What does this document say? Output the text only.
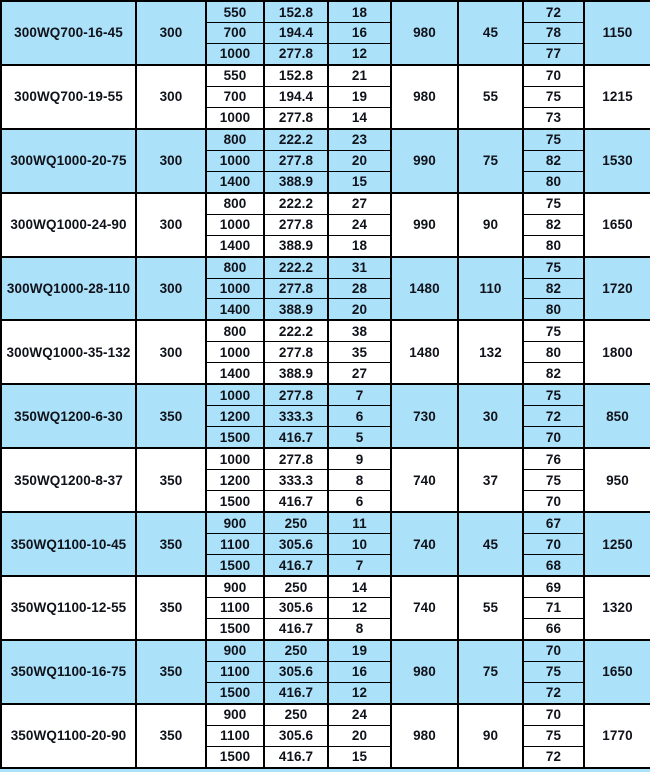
300WQ700-16-45	300	550	152.8	18	980	45	72	1150
		700	194.4	16			78	
		1000	277.8	12			77	
300WQ700-19-55	300	550	152.8	21	980	55	70	1215
		700	194.4	19			75	
		1000	277.8	14			73	
300WQ1000-20-75	300	800	222.2	23	990	75	75	1530
		1000	277.8	20			82	
		1400	388.9	15			80	
300WQ1000-24-90	300	800	222.2	27	990	90	75	1650
		1000	277.8	24			82	
		1400	388.9	18			80	
300WQ1000-28-110	300	800	222.2	31	1480	110	75	1720
		1000	277.8	28			82	
		1400	388.9	20			80	
300WQ1000-35-132	300	800	222.2	38	1480	132	75	1800
		1000	277.8	35			80	
		1400	388.9	27			82	
350WQ1200-6-30	350	1000	277.8	7	730	30	75	850
		1200	333.3	6			72	
		1500	416.7	5			70	
350WQ1200-8-37	350	1000	277.8	9	740	37	76	950
		1200	333.3	8			75	
		1500	416.7	6			70	
350WQ1100-10-45	350	900	250	11	740	45	67	1250
		1100	305.6	10			70	
		1500	416.7	7			68	
350WQ1100-12-55	350	900	250	14	740	55	69	1320
		1100	305.6	12			71	
		1500	416.7	8			66	
350WQ1100-16-75	350	900	250	19	980	75	70	1650
		1100	305.6	16			75	
		1500	416.7	12			72	
350WQ1100-20-90	350	900	250	24	980	90	70	1770
		1100	305.6	20			75	
		1500	416.7	15			72	
